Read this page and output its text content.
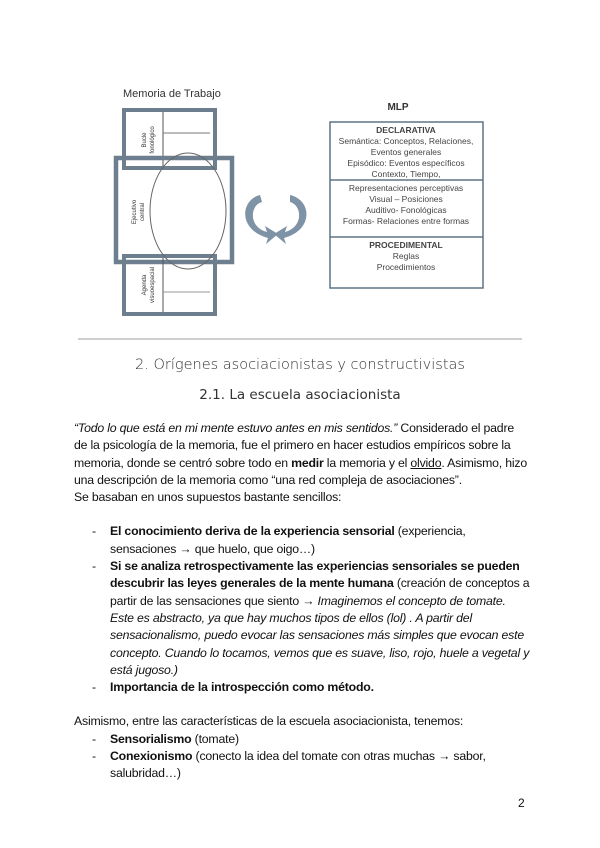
Memoria de Trabajo
Bucle fonológico
Ejecutivo central
Agenda visuoespacial
MLP
DECLARATIVA
Semántica: Conceptos, Relaciones,
Eventos generales
Episódico: Eventos específicos
Contexto, Tiempo,
Representaciones perceptivas
Visual – Posiciones
Auditivo- Fonológicas
Formas- Relaciones entre formas
PROCEDIMENTAL
Reglas
Procedimientos
2. Orígenes asociacionistas y constructivistas
2.1. La escuela asociacionista

“Todo lo que está en mi mente estuvo antes en mis sentidos.” Considerado el padre de la psicología de la memoria, fue el primero en hacer estudios empíricos sobre la memoria, donde se centró sobre todo en medir la memoria y el olvido. Asimismo, hizo una descripción de la memoria como “una red compleja de asociaciones”.

Se basaban en unos supuestos bastante sencillos:

- El conocimiento deriva de la experiencia sensorial (experiencia, sensaciones → que huelo, que oigo…)
- Si se analiza retrospectivamente las experiencias sensoriales se pueden descubrir las leyes generales de la mente humana (creación de conceptos a partir de las sensaciones que siento → Imaginemos el concepto de tomate. Este es abstracto, ya que hay muchos tipos de ellos (lol) . A partir del sensacionalismo, puedo evocar las sensaciones más simples que evocan este concepto. Cuando lo tocamos, vemos que es suave, liso, rojo, huele a vegetal y está jugoso.)
- Importancia de la introspección como método.

Asimismo, entre las características de la escuela asociacionista, tenemos:

- Sensorialismo (tomate)
- Conexionismo (conecto la idea del tomate con otras muchas → sabor, salubridad…)
2
